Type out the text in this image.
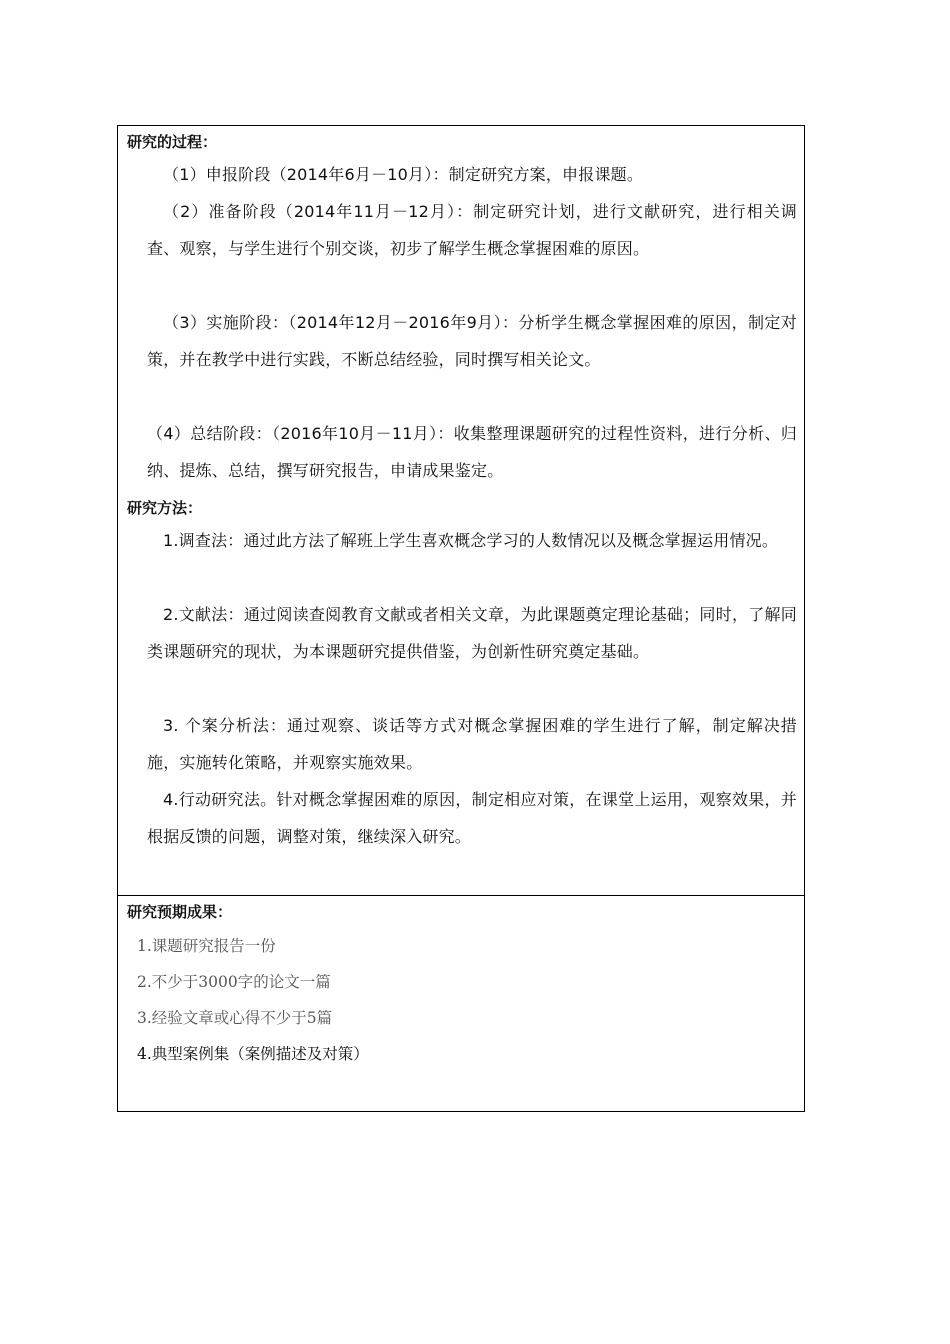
研究的过程：
（1）申报阶段（2014年6月－10月）：制定研究方案，申报课题。
（2）准备阶段（2014年11月－12月）：制定研究计划，进行文献研究，进行相关调查、观察，与学生进行个别交谈，初步了解学生概念掌握困难的原因。
（3）实施阶段：（2014年12月－2016年9月）：分析学生概念掌握困难的原因，制定对策，并在教学中进行实践，不断总结经验，同时撰写相关论文。
（4）总结阶段：（2016年10月－11月）：收集整理课题研究的过程性资料，进行分析、归纳、提炼、总结，撰写研究报告，申请成果鉴定。
研究方法：
1.调查法：通过此方法了解班上学生喜欢概念学习的人数情况以及概念掌握运用情况。
2.文献法：通过阅读查阅教育文献或者相关文章，为此课题奠定理论基础；同时，了解同类课题研究的现状，为本课题研究提供借鉴，为创新性研究奠定基础。
3. 个案分析法：通过观察、谈话等方式对概念掌握困难的学生进行了解，制定解决措施，实施转化策略，并观察实施效果。
4.行动研究法。针对概念掌握困难的原因，制定相应对策，在课堂上运用，观察效果，并根据反馈的问题，调整对策，继续深入研究。
研究预期成果：
1.课题研究报告一份
2.不少于3000字的论文一篇
3.经验文章或心得不少于5篇
4.典型案例集（案例描述及对策）
